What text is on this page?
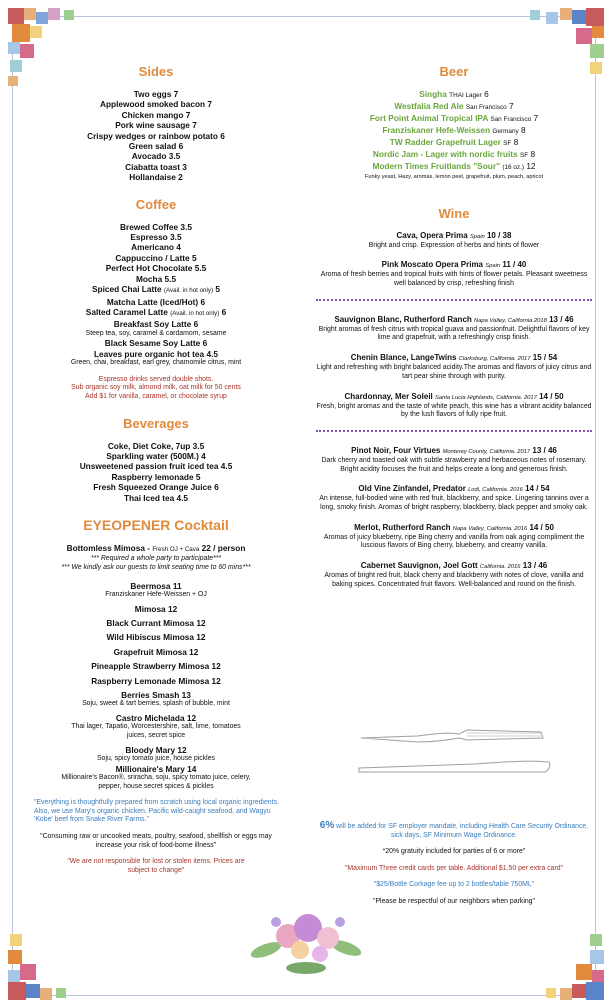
Sides
Two eggs 7
Applewood smoked bacon 7
Chicken mango 7
Pork wine sausage 7
Crispy wedges or rainbow potato 6
Green salad 6
Avocado 3.5
Ciabatta toast 3
Hollandaise 2
Coffee
Brewed Coffee 3.5
Espresso 3.5
Americano 4
Cappuccino / Latte 5
Perfect Hot Chocolate 5.5
Mocha 5.5
Spiced Chai Latte (Avail. in hot only) 5
Matcha Latte (Iced/Hot) 6
Salted Caramel Latte (Avail. in hot only) 6
Breakfast Soy Latte 6
Steep tea, soy, caramel & cardamom, sesame
Black Sesame Soy Latte 6
Leaves pure organic hot tea 4.5
Green, chai, breakfast, earl grey, chamomile citrus, mint
Espresso drinks served double shots.
Sub organic soy milk, almond milk, oat milk for 50 cents
Add $1 for vanilla, caramel, or chocolate syrup
Beverages
Coke, Diet Coke, 7up 3.5
Sparkling water (500M.) 4
Unsweetened passion fruit iced tea 4.5
Raspberry lemonade 5
Fresh Squeezed Orange Juice 6
Thai Iced tea 4.5
EYEOPENER Cocktail
Bottomless Mimosa - Fresh OJ + Cava 22 / person
*** Required a whole party to participate***
*** We kindly ask our guests to limit seating time to 60 mins***
Beermosa 11
Franziskaner Hefe-Weissen + OJ
Mimosa 12
Black Currant Mimosa 12
Wild Hibiscus Mimosa 12
Grapefruit Mimosa 12
Pineapple Strawberry Mimosa 12
Raspberry Lemonade Mimosa 12
Berries Smash 13
Soju, sweet & tart berries, splash of bubble, mint
Castro Michelada 12
Thai lager, Tapatio, Worcestershire, salt, lime, tomatoes juices, secret spice
Bloody Mary 12
Soju, spicy tomato juice, house pickles
Millionaire's Mary 14
Millionaire's Bacon®, sriracha, soju, spicy tomato juice, celery, pepper, house secret spices & pickles
"Everything is thoughtfully prepared from scratch using local organic ingredients. Also, we use Mary's organic chicken, Pacific wild-caught seafood, and Wagyu 'Kobe' beef from Snake River Farms."
"Consuming raw or uncooked meats, poultry, seafood, shellfish or eggs may increase your risk of food-borne illness"
"We are not responsible for lost or stolen items. Prices are subject to change"
Beer
Singha THAI Lager 6
Westfalia Red Ale San Francisco 7
Fort Point Animal Tropical IPA San Francisco 7
Franziskaner Hefe-Weissen Germany 8
TW Radder Grapefruit Lager SF 8
Nordic Jam - Lager with nordic fruits SF 8
Modern Times Fruitlands "Sour" (16 oz.) 12
Funky yeast, Hazy, aromas, lemon peel, grapefruit, plum, peach, apricot
Wine
Cava, Opera Prima Spain 10 / 38
Bright and crisp. Expression of herbs and hints of flower
Pink Moscato Opera Prima Spain 11 / 40
Aroma of fresh berries and tropical fruits with hints of flower petals. Pleasant sweetness well balanced by crisp, refreshing finish
Sauvignon Blanc, Rutherford Ranch Napa Valley, California.2018 13 / 46
Bright aromas of fresh citrus with tropical guava and passionfruit. Delightful flavors of key lime and grapefruit, with a refreshingly crisp finish.
Chenin Blance, LangeTwins Clarksburg, California. 2017 15 / 54
Light and refreshing with bright balanced acidity.The aromas and flavors of juicy citrus and tart pear shine through with purity.
Chardonnay, Mer Soleil Santa Lucia Highlands, California. 2017 14 / 50
Fresh, bright aromas and the taste of white peach, this wine has a vibrant acidity balanced by the lush flavors of fully ripe fruit.
Pinot Noir, Four Virtues Monterey County, California. 2017 13 / 46
Dark cherry and toasted oak with subtle strawberry and herbaceous notes of rosemary. Bright acidity focuses the fruit and helps create a long and generous finish.
Old Vine Zinfandel, Predator Lodi, California. 2016 14 / 54
An intense, full-bodied wine with red fruit, blackberry, and spice. Lingering tannins over a long, smoky finish. Aromas of bright raspberry, blackberry, black pepper and smoky oak.
Merlot, Rutherford Ranch Napa Valley, California. 2016 14 / 50
Aromas of juicy blueberry, ripe Bing cherry and vanilla from oak aging compliment the luscious flavors of Bing cherry, blueberry, and creamy vanilla.
Cabernet Sauvignon, Joel Gott California. 2016 13 / 46
Aromas of bright red fruit, black cherry and blackberry with notes of clove, vanilla and baking spices. Concentrated fruit flavors. Well-balanced and round on the finish.
6% will be added for SF employer mandate, including Health Care Security Ordinance, sick days, SF Minimum Wage Ordinance.
*20% gratuity included for parties of 6 or more"
"Maximum Three credit cards per table. Additional $1.50 per extra card"
"$25/Bottle Corkage fee up to 2 bottles/table 750ML"
"Please be respectful of our neighbors when parking"
